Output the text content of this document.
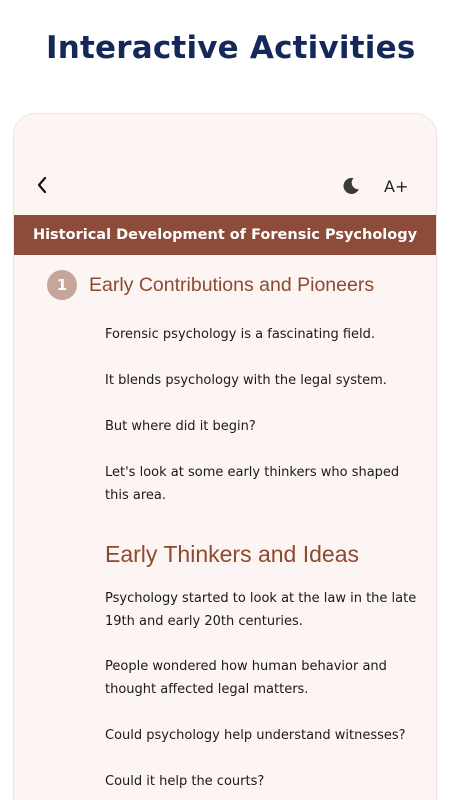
Interactive Activities
A+
Historical Development of Forensic Psychology
1	Early Contributions and Pioneers

Forensic psychology is a fascinating field.

It blends psychology with the legal system.

But where did it begin?

Let's look at some early thinkers who shaped this area.

Early Thinkers and Ideas

Psychology started to look at the law in the late 19th and early 20th centuries.

People wondered how human behavior and thought affected legal matters.

Could psychology help understand witnesses?

Could it help the courts?
